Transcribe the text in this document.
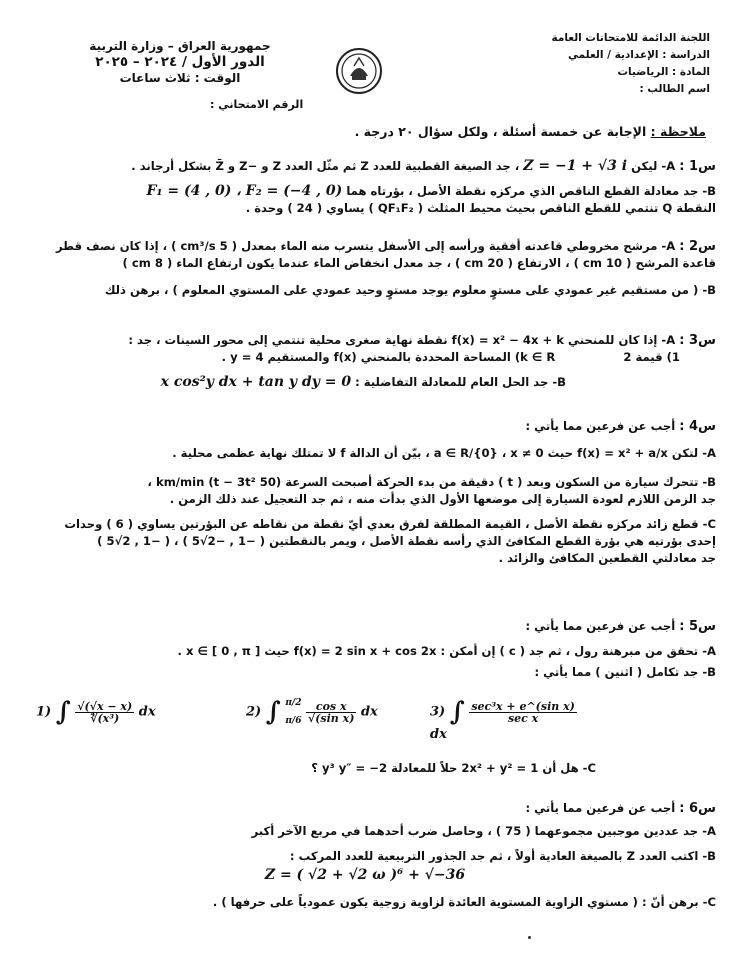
اللجنة الدائمة للامتحانات العامة
الدراسة : الإعدادية / العلمي
المادة : الرياضيات
اسم الطالب :
جمهورية العراق – وزارة التربية
الدور الأول / ٢٠٢٤ – ٢٠٢٥
الوقت : ثلاث ساعات
الرقم الامتحاني :
ملاحظة : الإجابة عن خمسة أسئلة ، ولكل سؤال ٢٠ درجة .
س1 : A- ليكن Z = −1 + √3 i ، جد الصيغة القطبية للعدد Z ثم مثّل العدد Z و −Z و Z̄ بشكل أرجاند .
B- جد معادلة القطع الناقص الذي مركزه نقطة الأصل ، بؤرتاه هما F₁ = (4 , 0) ، F₂ = (−4 , 0)
النقطة Q تنتمي للقطع الناقص بحيث محيط المثلث ( QF₁F₂ ) يساوي ( 24 ) وحدة .
س2 : A- مرشح مخروطي قاعدته أفقية ورأسه إلى الأسفل يتسرب منه الماء بمعدل ( 5 cm³/s ) ، إذا كان نصف قطر
قاعدة المرشح ( 10 cm ) ، الارتفاع ( 20 cm ) ، جد معدل انخفاض الماء عندما يكون ارتفاع الماء ( 8 cm )
B- ( من مستقيم غير عمودي على مستوٍ معلوم يوجد مستوٍ وحيد عمودي على المستوي المعلوم ) ، برهن ذلك
س3 : A- إذا كان للمنحني f(x) = x² − 4x + k نقطة نهاية صغرى محلية تنتمي إلى محور السينات ، جد :
1) قيمة k ∈ R  2) المساحة المحددة بالمنحني f(x) والمستقيم y = 4 .
B- جد الحل العام للمعادلة التفاضلية : x cos²y dx + tan y dy = 0
س4 : أجب عن فرعين مما يأتي :
A- لتكن f(x) = x² + a/x حيث a ∈ R/{0} ، x ≠ 0 ، بيّن أن الدالة f لا تمتلك نهاية عظمى محلية .
B- تتحرك سيارة من السكون وبعد ( t ) دقيقة من بدء الحركة أصبحت السرعة (50 t − 3t²) km/min ،
جد الزمن اللازم لعودة السيارة إلى موضعها الأول الذي بدأت منه ، ثم جد التعجيل عند ذلك الزمن .
C- قطع زائد مركزه نقطة الأصل ، القيمة المطلقة لفرق بعدي أيّ نقطة من نقاطه عن البؤرتين يساوي ( 6 ) وحدات
إحدى بؤرتيه هي بؤرة القطع المكافئ الذي رأسه نقطة الأصل ، ويمر بالنقطتين ( −1 , −2√5 ) ، ( −1 , 2√5 )
جد معادلتي القطعين المكافئ والزائد .
س5 : أجب عن فرعين مما يأتي :
A- تحقق من مبرهنة رول ، ثم جد ( c ) إن أمكن : f(x) = 2 sin x + cos 2x حيث x ∈ [ 0 , π ] .
B- جد تكامل ( اثنين ) مما يأتي :
1) ∫ $\frac{√(√x - x)}{\text{∜(x³)}}$ dx	2) ∫ π/2
π/6
$\frac{\text{cos x}}{\text{√(sin x)}}$ dx	3) ∫ $\frac{\text{sec³x + e\textasciicircum{}(sin x)}}{\text{sec x}}$
dx
C- هل أن 2x² + y² = 1 حلاً للمعادلة y³ y″ = −2 ؟
س6 : أجب عن فرعين مما يأتي :
A- جد عددين موجبين مجموعهما ( 75 ) ، وحاصل ضرب أحدهما في مربع الآخر أكبر
B- اكتب العدد Z بالصيغة العادية أولاً ، ثم جد الجذور التربيعية للعدد المركب :
Z = ( √2 + √2 ω )⁶ + √−36
C- برهن أنّ : ( مستوي الزاوية المستوية العائدة لزاوية زوجية يكون عمودياً على حرفها ) .
